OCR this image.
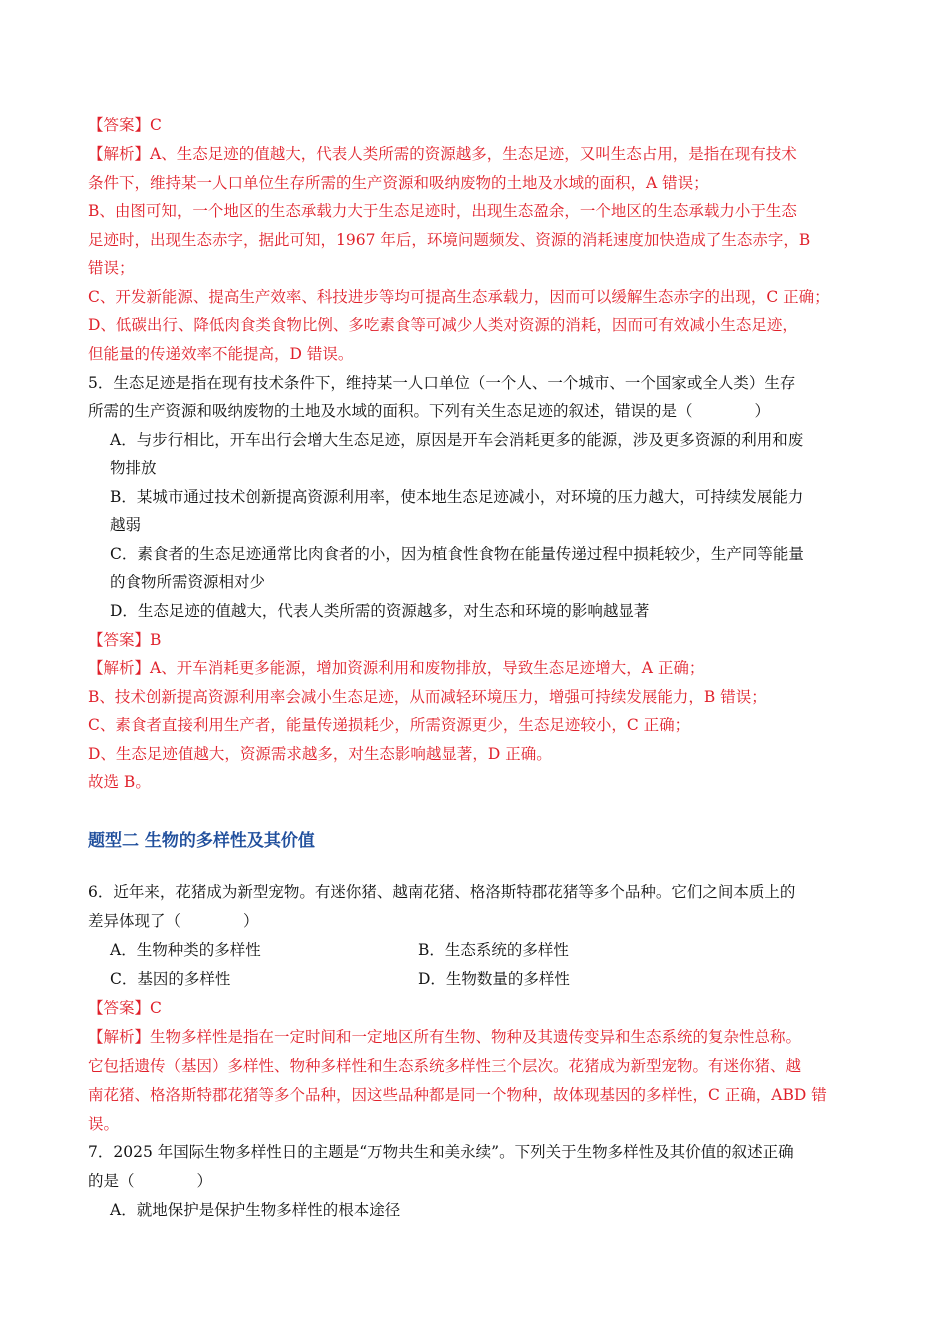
【答案】C
【解析】A、生态足迹的值越大，代表人类所需的资源越多，生态足迹，又叫生态占用，是指在现有技术
条件下，维持某一人口单位生存所需的生产资源和吸纳废物的土地及水域的面积，A 错误；
B、由图可知，一个地区的生态承载力大于生态足迹时，出现生态盈余，一个地区的生态承载力小于生态
足迹时，出现生态赤字，据此可知，1967 年后，环境问题频发、资源的消耗速度加快造成了生态赤字，B
错误；
C、开发新能源、提高生产效率、科技进步等均可提高生态承载力，因而可以缓解生态赤字的出现，C 正确；
D、低碳出行、降低肉食类食物比例、多吃素食等可减少人类对资源的消耗，因而可有效减小生态足迹，
但能量的传递效率不能提高，D 错误。
5．生态足迹是指在现有技术条件下，维持某一人口单位（一个人、一个城市、一个国家或全人类）生存
所需的生产资源和吸纳废物的土地及水域的面积。下列有关生态足迹的叙述，错误的是（　　　　）
A．与步行相比，开车出行会增大生态足迹，原因是开车会消耗更多的能源，涉及更多资源的利用和废
物排放
B．某城市通过技术创新提高资源利用率，使本地生态足迹减小，对环境的压力越大，可持续发展能力
越弱
C．素食者的生态足迹通常比肉食者的小，因为植食性食物在能量传递过程中损耗较少，生产同等能量
的食物所需资源相对少
D．生态足迹的值越大，代表人类所需的资源越多，对生态和环境的影响越显著
【答案】B
【解析】A、开车消耗更多能源，增加资源利用和废物排放，导致生态足迹增大，A 正确；
B、技术创新提高资源利用率会减小生态足迹，从而减轻环境压力，增强可持续发展能力，B 错误；
C、素食者直接利用生产者，能量传递损耗少，所需资源更少，生态足迹较小，C 正确；
D、生态足迹值越大，资源需求越多，对生态影响越显著，D 正确。
故选 B。
题型二 生物的多样性及其价值
6．近年来，花猪成为新型宠物。有迷你猪、越南花猪、格洛斯特郡花猪等多个品种。它们之间本质上的
差异体现了（　　　　）
A．生物种类的多样性	B．生态系统的多样性
C．基因的多样性	D．生物数量的多样性
【答案】C
【解析】生物多样性是指在一定时间和一定地区所有生物、物种及其遗传变异和生态系统的复杂性总称。
它包括遗传（基因）多样性、物种多样性和生态系统多样性三个层次。花猪成为新型宠物。有迷你猪、越
南花猪、格洛斯特郡花猪等多个品种，因这些品种都是同一个物种，故体现基因的多样性，C 正确，ABD 错
误。
7．2025 年国际生物多样性日的主题是“万物共生和美永续”。下列关于生物多样性及其价值的叙述正确
的是（　　　　）
A．就地保护是保护生物多样性的根本途径
